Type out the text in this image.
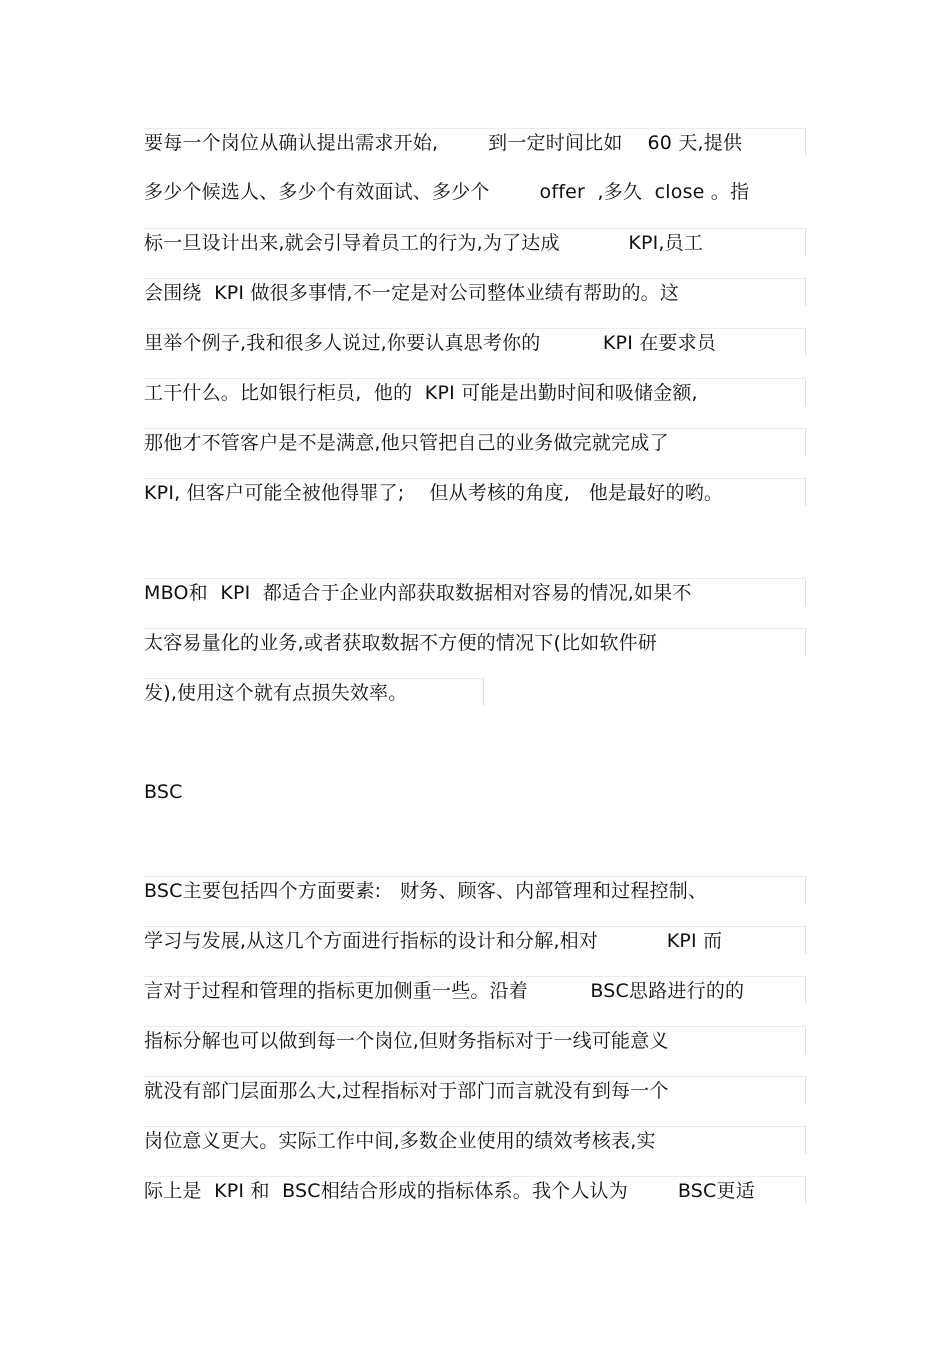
要每一个岗位从确认提出需求开始,        到一定时间比如    60 天,提供
多少个候选人、多少个有效面试、多少个        offer  ,多久  close 。指
标一旦设计出来,就会引导着员工的行为,为了达成           KPI,员工
会围绕  KPI 做很多事情,不一定是对公司整体业绩有帮助的。这
里举个例子,我和很多人说过,你要认真思考你的          KPI 在要求员
工干什么。比如银行柜员,  他的  KPI 可能是出勤时间和吸储金额,
那他才不管客户是不是满意,他只管把自己的业务做完就完成了
KPI, 但客户可能全被他得罪了;    但从考核的角度,   他是最好的哟。
MBO和  KPI  都适合于企业内部获取数据相对容易的情况,如果不
太容易量化的业务,或者获取数据不方便的情况下(比如软件研
发),使用这个就有点损失效率。
BSC
BSC主要包括四个方面要素:   财务、顾客、内部管理和过程控制、
学习与发展,从这几个方面进行指标的设计和分解,相对           KPI 而
言对于过程和管理的指标更加侧重一些。沿着          BSC思路进行的的
指标分解也可以做到每一个岗位,但财务指标对于一线可能意义
就没有部门层面那么大,过程指标对于部门而言就没有到每一个
岗位意义更大。实际工作中间,多数企业使用的绩效考核表,实
际上是  KPI 和  BSC相结合形成的指标体系。我个人认为        BSC更适
